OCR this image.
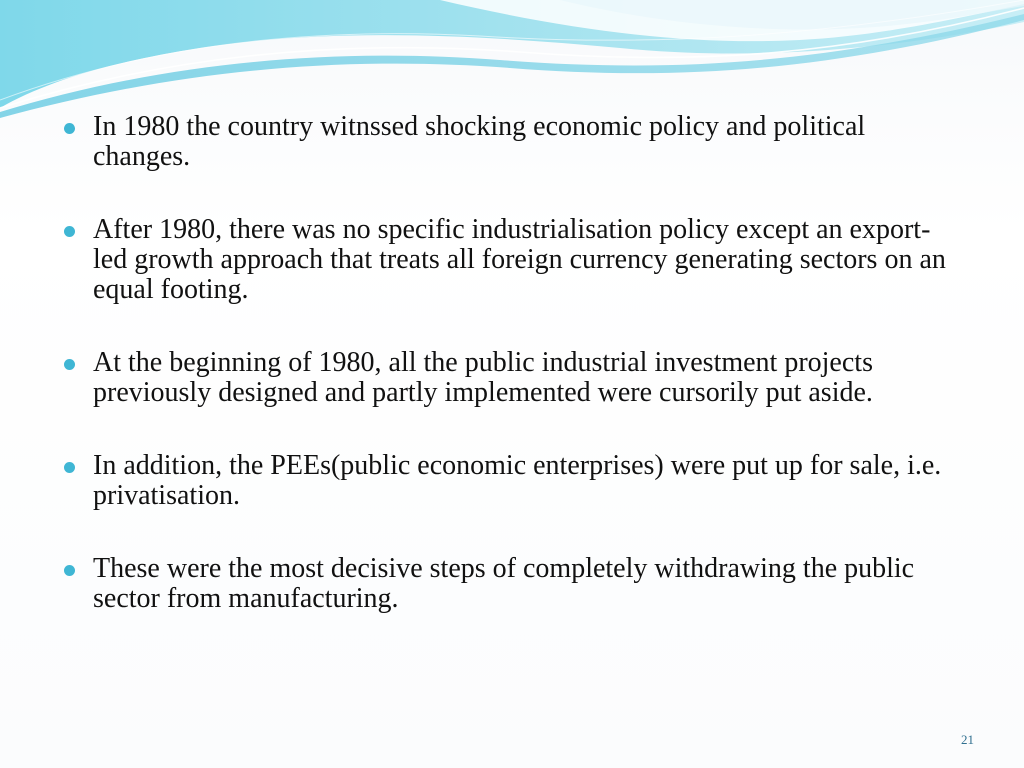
In 1980 the country witnssed shocking economic policy and political changes.
After 1980, there was no specific industrialisation policy except an export-led growth approach that treats all foreign currency generating sectors on an equal footing.
At the beginning of 1980, all the public industrial investment projects previously designed and partly implemented were cursorily put aside.
In addition, the PEEs(public economic enterprises) were put up for sale, i.e. privatisation.
These were the most decisive steps of completely withdrawing the public sector from manufacturing.
21
